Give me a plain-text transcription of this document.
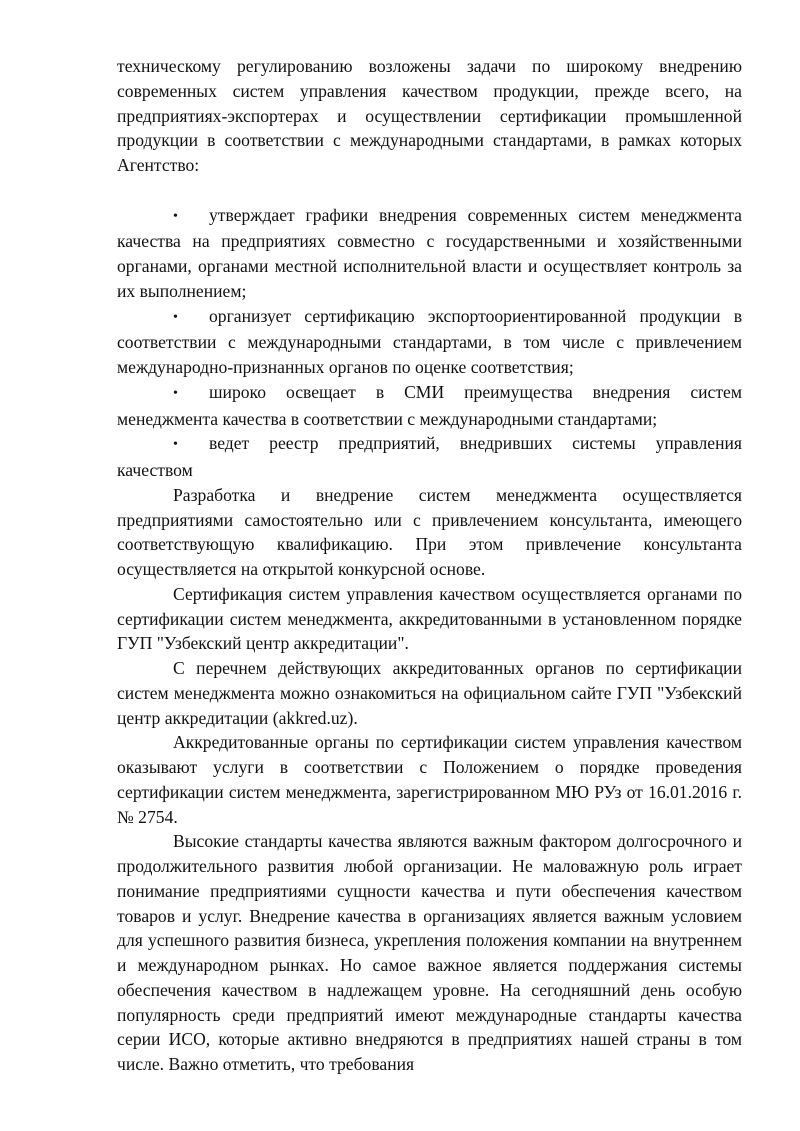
техническому регулированию возложены задачи по широкому внедрению современных систем управления качеством продукции, прежде всего, на предприятиях-экспортерах и осуществлении сертификации промышленной продукции в соответствии с международными стандартами, в рамках которых Агентство:

• утверждает графики внедрения современных систем менеджмента качества на предприятиях совместно с государственными и хозяйственными органами, органами местной исполнительной власти и осуществляет контроль за их выполнением;

• организует сертификацию экспортоориентированной продукции в соответствии с международными стандартами, в том числе с привлечением международно-признанных органов по оценке соответствия;

• широко освещает в СМИ преимущества внедрения систем менеджмента качества в соответствии с международными стандартами;

• ведет реестр предприятий, внедривших системы управления качеством

Разработка и внедрение систем менеджмента осуществляется предприятиями самостоятельно или с привлечением консультанта, имеющего соответствующую квалификацию. При этом привлечение консультанта осуществляется на открытой конкурсной основе.

Сертификация систем управления качеством осуществляется органами по сертификации систем менеджмента, аккредитованными в установленном порядке ГУП "Узбекский центр аккредитации".

С перечнем действующих аккредитованных органов по сертификации систем менеджмента можно ознакомиться на официальном сайте ГУП "Узбекский центр аккредитации (akkred.uz).

Аккредитованные органы по сертификации систем управления качеством оказывают услуги в соответствии с Положением о порядке проведения сертификации систем менеджмента, зарегистрированном МЮ РУз от 16.01.2016 г. № 2754.

Высокие стандарты качества являются важным фактором долгосрочного и продолжительного развития любой организации. Не маловажную роль играет понимание предприятиями сущности качества и пути обеспечения качеством товаров и услуг. Внедрение качества в организациях является важным условием для успешного развития бизнеса, укрепления положения компании на внутреннем и международном рынках. Но самое важное является поддержания системы обеспечения качеством в надлежащем уровне. На сегодняшний день особую популярность среди предприятий имеют международные стандарты качества серии ИСО, которые активно внедряются в предприятиях нашей страны в том числе. Важно отметить, что требования
